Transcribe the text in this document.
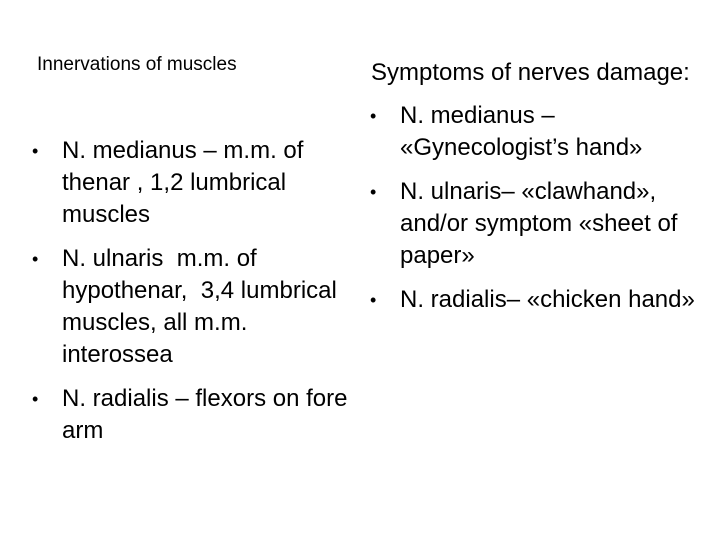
Innervations of muscles
• N. medianus – m.m. of thenar , 1,2 lumbrical muscles
• N. ulnaris  m.m. of hypothenar,  3,4 lumbrical muscles, all m.m. interossea
• N. radialis – flexors on fore arm

Symptoms of nerves damage:

• N. medianus – «Gynecologist’s hand»
• N. ulnaris– «clawhand», and/or symptom «sheet of paper»
• N. radialis– «chicken hand»
